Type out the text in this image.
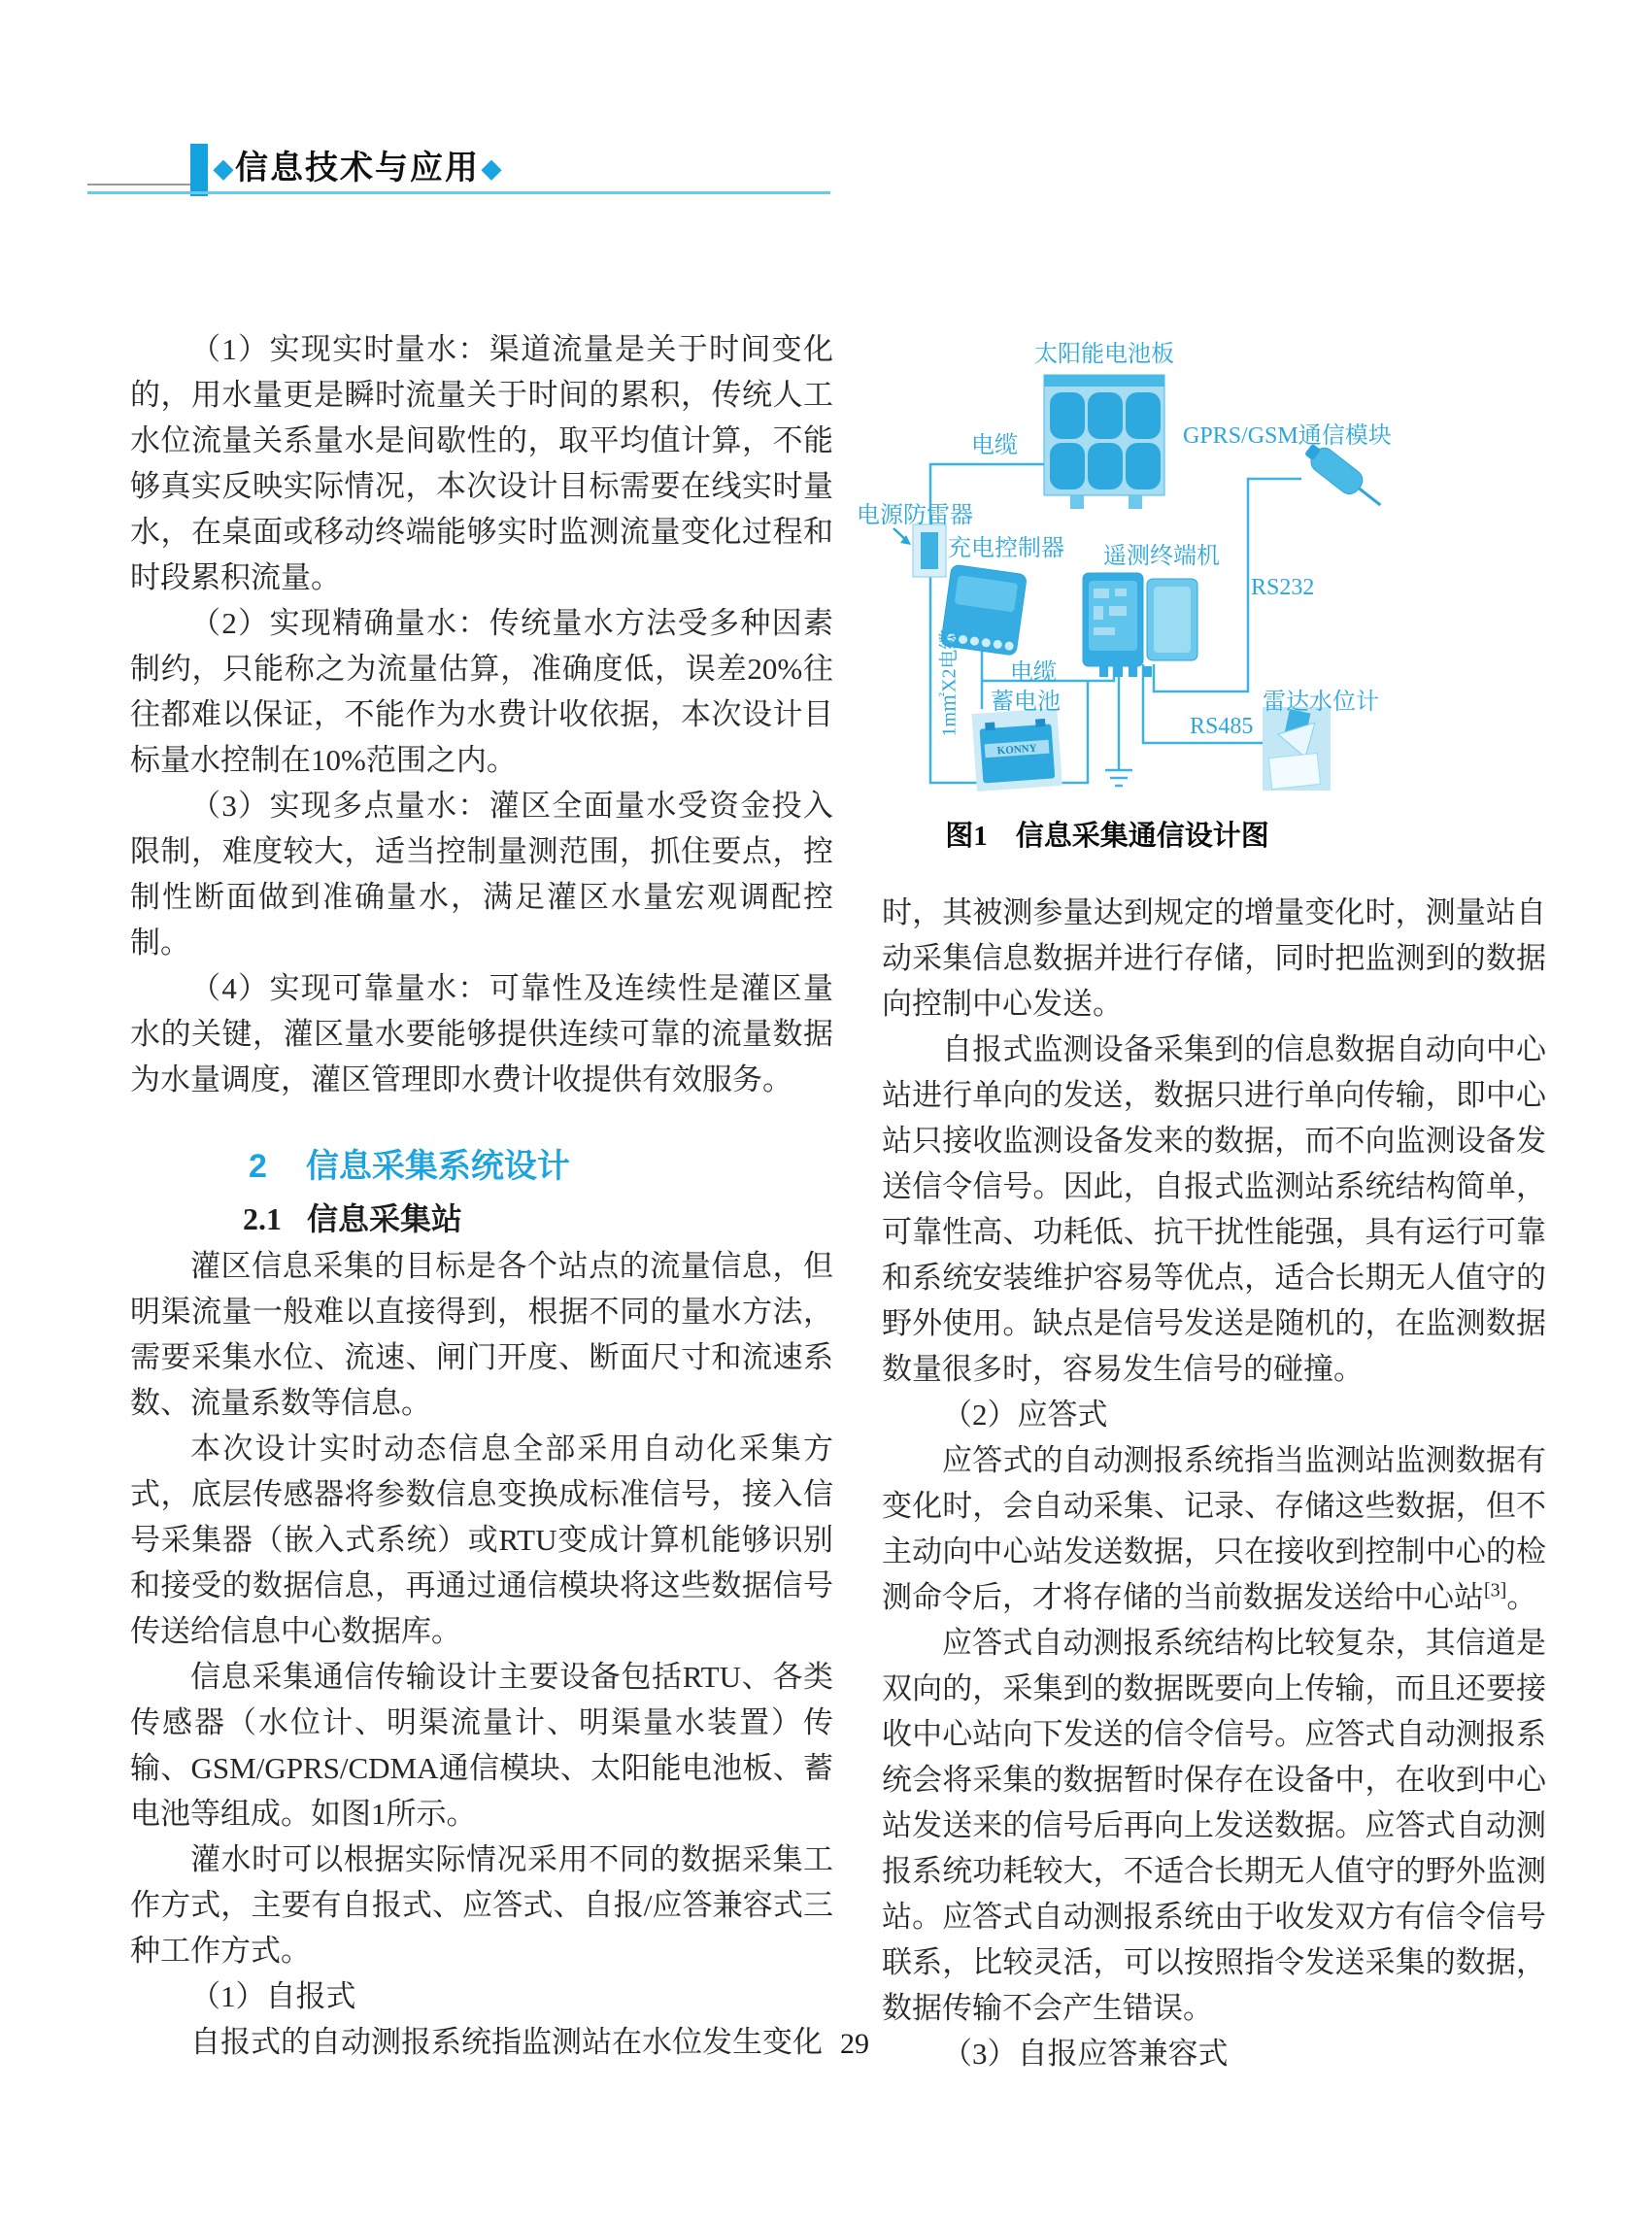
◆ 信息技术与应用 ◆

（1）实现实时量水：渠道流量是关于时间变化的，用水量更是瞬时流量关于时间的累积，传统人工水位流量关系量水是间歇性的，取平均值计算，不能够真实反映实际情况，本次设计目标需要在线实时量水，在桌面或移动终端能够实时监测流量变化过程和时段累积流量。

（2）实现精确量水：传统量水方法受多种因素制约，只能称之为流量估算，准确度低，误差20%往往都难以保证，不能作为水费计收依据，本次设计目标量水控制在10%范围之内。

（3）实现多点量水：灌区全面量水受资金投入限制，难度较大，适当控制量测范围，抓住要点，控制性断面做到准确量水，满足灌区水量宏观调配控制。

（4）实现可靠量水：可靠性及连续性是灌区量水的关键，灌区量水要能够提供连续可靠的流量数据为水量调度，灌区管理即水费计收提供有效服务。

2 信息采集系统设计
2.1 信息采集站

灌区信息采集的目标是各个站点的流量信息，但明渠流量一般难以直接得到，根据不同的量水方法，需要采集水位、流速、闸门开度、断面尺寸和流速系数、流量系数等信息。

本次设计实时动态信息全部采用自动化采集方式，底层传感器将参数信息变换成标准信号，接入信号采集器（嵌入式系统）或RTU变成计算机能够识别和接受的数据信息，再通过通信模块将这些数据信号传送给信息中心数据库。

信息采集通信传输设计主要设备包括RTU、各类传感器（水位计、明渠流量计、明渠量水装置）传输、GSM/GPRS/CDMA通信模块、太阳能电池板、蓄电池等组成。如图1所示。

灌水时可以根据实际情况采用不同的数据采集工作方式，主要有自报式、应答式、自报/应答兼容式三种工作方式。

（1）自报式

自报式的自动测报系统指监测站在水位发生变化

KONNY
太阳能电池板
电缆	GPRS/GSM通信模块
电源防雷器
充电控制器 遥测终端机
RS232
1m㎡X2电缆 电缆
蓄电池
RS485
雷达水位计
图1　信息采集通信设计图

时，其被测参量达到规定的增量变化时，测量站自动采集信息数据并进行存储，同时把监测到的数据向控制中心发送。

自报式监测设备采集到的信息数据自动向中心站进行单向的发送，数据只进行单向传输，即中心站只接收监测设备发来的数据，而不向监测设备发送信令信号。因此，自报式监测站系统结构简单，可靠性高、功耗低、抗干扰性能强，具有运行可靠和系统安装维护容易等优点，适合长期无人值守的野外使用。缺点是信号发送是随机的，在监测数据数量很多时，容易发生信号的碰撞。

（2）应答式

应答式的自动测报系统指当监测站监测数据有变化时，会自动采集、记录、存储这些数据，但不主动向中心站发送数据，只在接收到控制中心的检测命令后，才将存储的当前数据发送给中心站[3]。

应答式自动测报系统结构比较复杂，其信道是双向的，采集到的数据既要向上传输，而且还要接收中心站向下发送的信令信号。应答式自动测报系统会将采集的数据暂时保存在设备中，在收到中心站发送来的信号后再向上发送数据。应答式自动测报系统功耗较大，不适合长期无人值守的野外监测站。应答式自动测报系统由于收发双方有信令信号联系，比较灵活，可以按照指令发送采集的数据，数据传输不会产生错误。

（3）自报应答兼容式

29
